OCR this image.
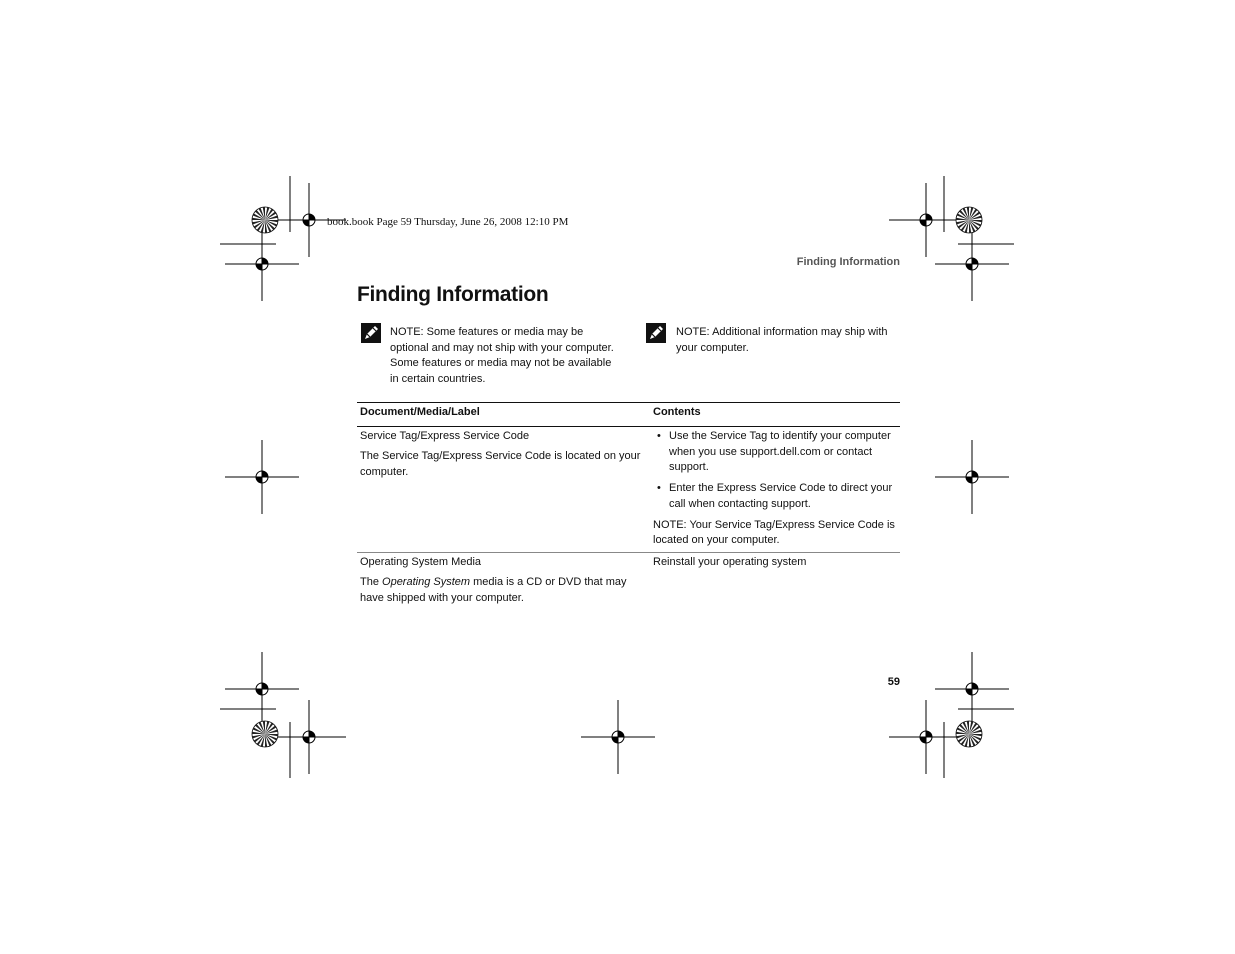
book.book Page 59 Thursday, June 26, 2008 12:10 PM
Finding Information
Finding Information
NOTE: Some features or media may be optional and may not ship with your computer. Some features or media may not be available in certain countries.
NOTE: Additional information may ship with your computer.
Document/Media/Label	Contents
Service Tag/Express Service Code
The Service Tag/Express Service Code is located on your computer.
• Use the Service Tag to identify your computer when you use support.dell.com or contact support.
• Enter the Express Service Code to direct your call when contacting support.
NOTE: Your Service Tag/Express Service Code is located on your computer.
Operating System Media
The Operating System media is a CD or DVD that may have shipped with your computer.
Reinstall your operating system
59
